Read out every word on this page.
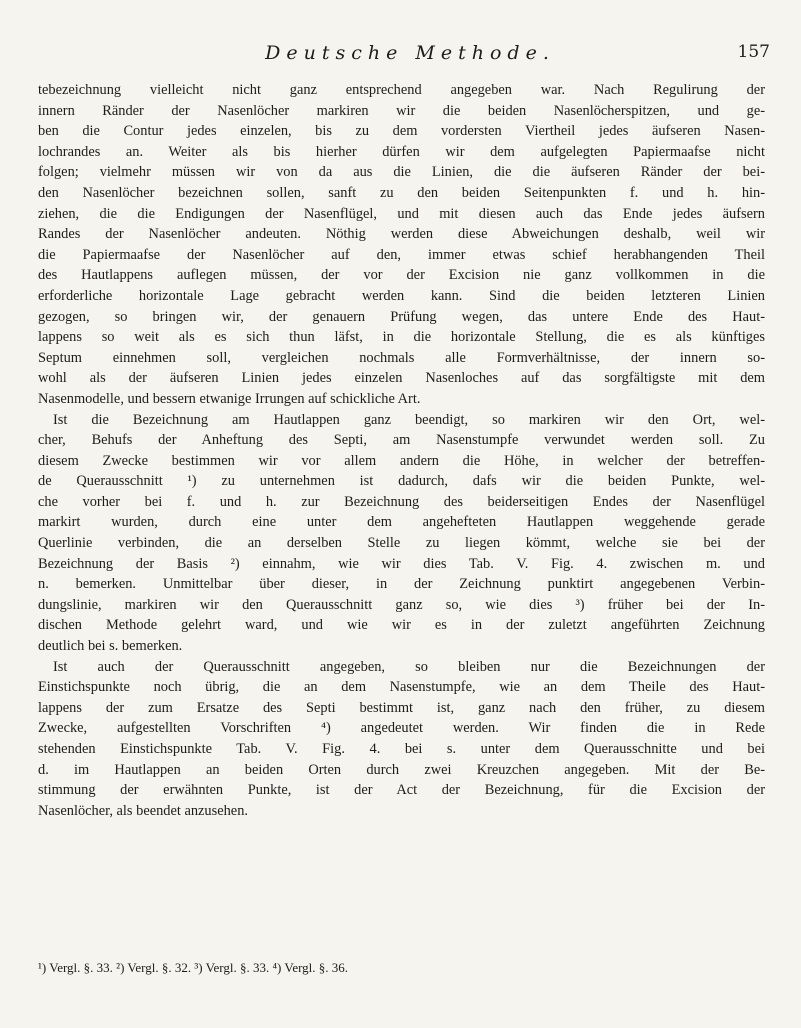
Deutsche Methode.	157
tebezeichnung vielleicht nicht ganz entsprechend angegeben war. Nach Regulirung der
innern Ränder der Nasenlöcher markiren wir die beiden Nasenlöcherspitzen, und ge-
ben die Contur jedes einzelen, bis zu dem vordersten Viertheil jedes äufseren Nasen-
lochrandes an. Weiter als bis hierher dürfen wir dem aufgelegten Papiermaafse nicht
folgen; vielmehr müssen wir von da aus die Linien, die die äufseren Ränder der bei-
den Nasenlöcher bezeichnen sollen, sanft zu den beiden Seitenpunkten f. und h. hin-
ziehen, die die Endigungen der Nasenflügel, und mit diesen auch das Ende jedes äufsern
Randes der Nasenlöcher andeuten. Nöthig werden diese Abweichungen deshalb, weil wir
die Papiermaafse der Nasenlöcher auf den, immer etwas schief herabhangenden Theil
des Hautlappens auflegen müssen, der vor der Excision nie ganz vollkommen in die
erforderliche horizontale Lage gebracht werden kann. Sind die beiden letzteren Linien
gezogen, so bringen wir, der genauern Prüfung wegen, das untere Ende des Haut-
lappens so weit als es sich thun läfst, in die horizontale Stellung, die es als künftiges
Septum einnehmen soll, vergleichen nochmals alle Formverhältnisse, der innern so-
wohl als der äufseren Linien jedes einzelen Nasenloches auf das sorgfältigste mit dem
Nasenmodelle, und bessern etwanige Irrungen auf schickliche Art.
Ist die Bezeichnung am Hautlappen ganz beendigt, so markiren wir den Ort, wel-
cher, Behufs der Anheftung des Septi, am Nasenstumpfe verwundet werden soll. Zu
diesem Zwecke bestimmen wir vor allem andern die Höhe, in welcher der betreffen-
de Querausschnitt ¹) zu unternehmen ist dadurch, dafs wir die beiden Punkte, wel-
che vorher bei f. und h. zur Bezeichnung des beiderseitigen Endes der Nasenflügel
markirt wurden, durch eine unter dem angehefteten Hautlappen weggehende gerade
Querlinie verbinden, die an derselben Stelle zu liegen kömmt, welche sie bei der
Bezeichnung der Basis ²) einnahm, wie wir dies Tab. V. Fig. 4. zwischen m. und
n. bemerken. Unmittelbar über dieser, in der Zeichnung punktirt angegebenen Verbin-
dungslinie, markiren wir den Querausschnitt ganz so, wie dies ³) früher bei der In-
dischen Methode gelehrt ward, und wie wir es in der zuletzt angeführten Zeichnung
deutlich bei s. bemerken.
Ist auch der Querausschnitt angegeben, so bleiben nur die Bezeichnungen der
Einstichspunkte noch übrig, die an dem Nasenstumpfe, wie an dem Theile des Haut-
lappens der zum Ersatze des Septi bestimmt ist, ganz nach den früher, zu diesem
Zwecke, aufgestellten Vorschriften ⁴) angedeutet werden. Wir finden die in Rede
stehenden Einstichspunkte Tab. V. Fig. 4. bei s. unter dem Querausschnitte und bei
d. im Hautlappen an beiden Orten durch zwei Kreuzchen angegeben. Mit der Be-
stimmung der erwähnten Punkte, ist der Act der Bezeichnung, für die Excision der
Nasenlöcher, als beendet anzusehen.
¹) Vergl. §. 33. ²) Vergl. §. 32. ³) Vergl. §. 33. ⁴) Vergl. §. 36.
